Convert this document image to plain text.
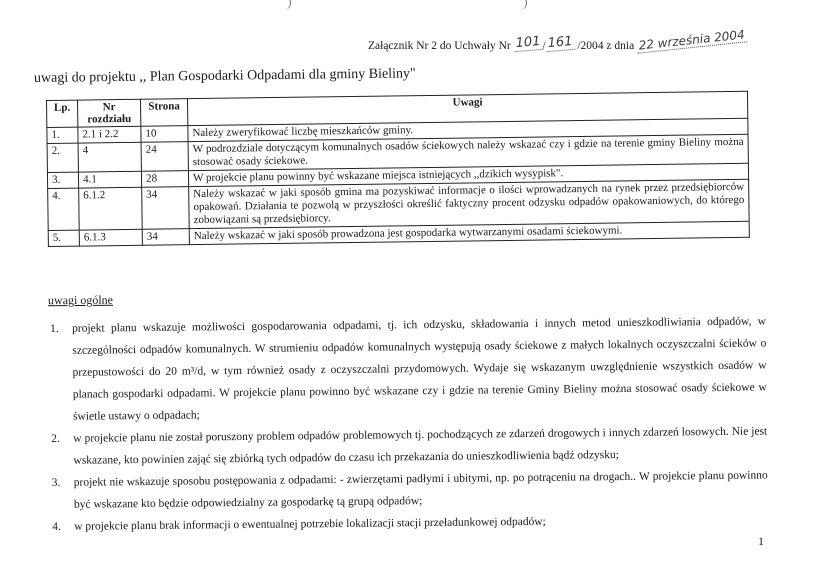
Załącznik Nr 2 do Uchwały Nr 101 /161 /2004 z dnia 22 września 2004
uwagi do projektu ,, Plan Gospodarki Odpadami dla gminy Bieliny"
Lp.	Nr rozdziału	Strona	Uwagi
1.	2.1 i 2.2	10	Należy zweryfikować liczbę mieszkańców gminy.
2.	4	24	W podrozdziale dotyczącym komunalnych osadów ściekowych należy wskazać czy i gdzie na terenie gminy Bieliny można stosować osady ściekowe.
3.	4.1	28	W projekcie planu powinny być wskazane miejsca istniejących ,,dzikich wysypisk".
4.	6.1.2	34	Należy wskazać w jaki sposób gmina ma pozyskiwać informacje o ilości wprowadzanych na rynek przez przedsiębiorców opakowań. Działania te pozwolą w przyszłości określić faktyczny procent odzysku odpadów opakowaniowych, do którego zobowiązani są przedsiębiorcy.
5.	6.1.3	34	Należy wskazać w jaki sposób prowadzona jest gospodarka wytwarzanymi osadami ściekowymi.
uwagi ogólne
1.	projekt planu wskazuje możliwości gospodarowania odpadami, tj. ich odzysku, składowania i innych metod unieszkodliwiania odpadów, w szczególności odpadów komunalnych. W strumieniu odpadów komunalnych występują osady ściekowe z małych lokalnych oczyszczalni ścieków o przepustowości do 20 m³/d, w tym również osady z oczyszczalni przydomowych. Wydaje się wskazanym uwzględnienie wszystkich osadów w planach gospodarki odpadami. W projekcie planu powinno być wskazane czy i gdzie na terenie Gminy Bieliny można stosować osady ściekowe w świetle ustawy o odpadach;
2.	w projekcie planu nie został poruszony problem odpadów problemowych tj. pochodzących ze zdarzeń drogowych i innych zdarzeń losowych. Nie jest wskazane, kto powinien zająć się zbiórką tych odpadów do czasu ich przekazania do unieszkodliwienia bądź odzysku;
3.	projekt nie wskazuje sposobu postępowania z odpadami: - zwierzętami padłymi i ubitymi, np. po potrąceniu na drogach.. W projekcie planu powinno być wskazane kto będzie odpowiedzialny za gospodarkę tą grupą odpadów;
4.	w projekcie planu brak informacji o ewentualnej potrzebie lokalizacji stacji przeładunkowej odpadów;
1
